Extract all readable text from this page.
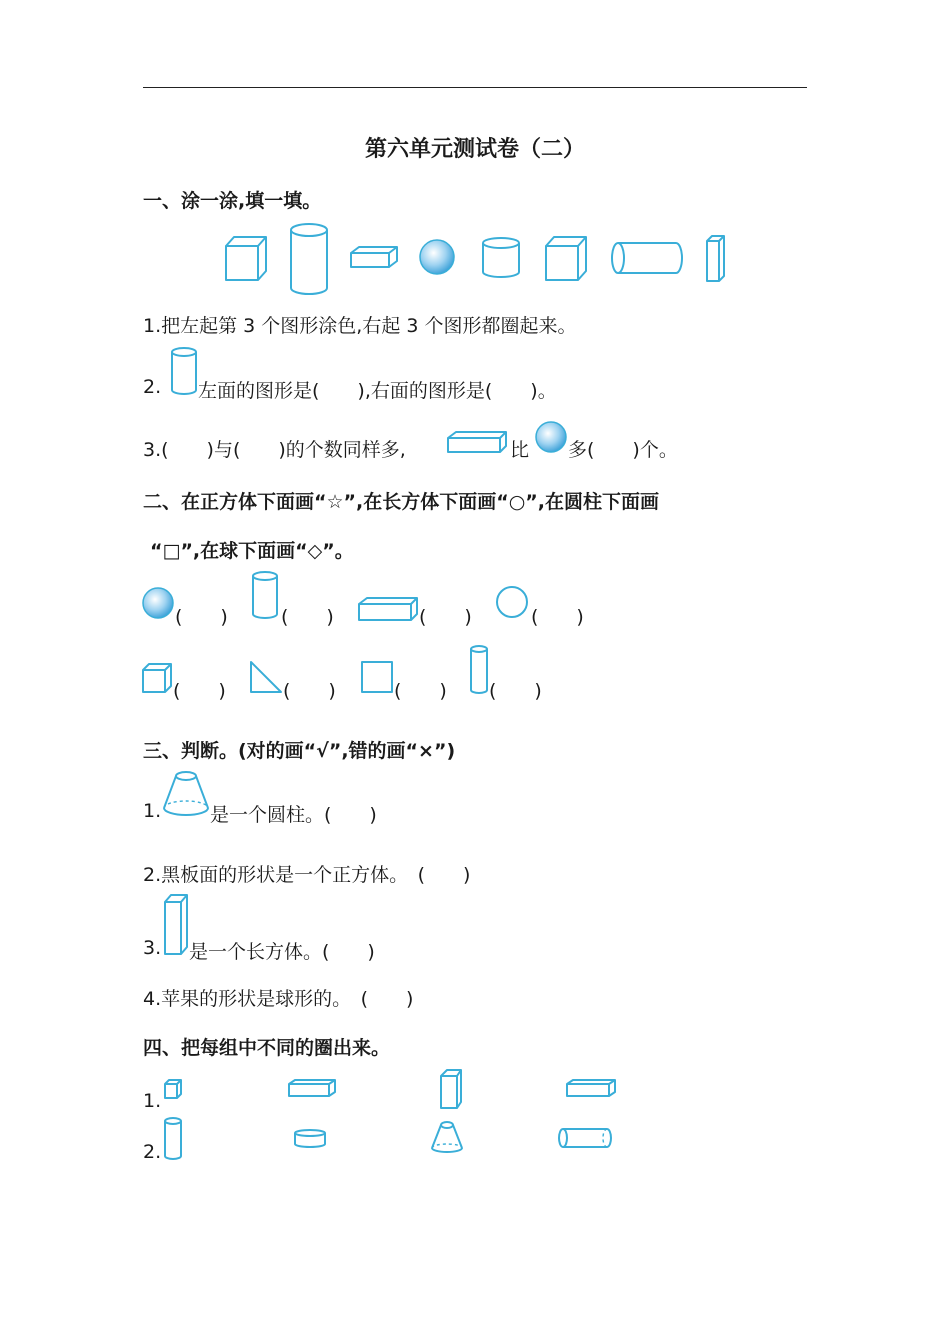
第六单元测试卷（二）
一、涂一涂,填一填。
1.把左起第 3 个图形涂色,右起 3 个图形都圈起来。
2. 左面的图形是(　　),右面的图形是(　　)。
3.(　　)与(　　)的个数同样多,	比 多(　　)个。
二、在正方体下面画“☆”,在长方体下面画“○”,在圆柱下面画
“□”,在球下面画“◇”。
(　　)	(　　)	(　　)	(　　)
(　　)	(　　)	(　　) (　　)
三、判断。(对的画“√”,错的画“×”)
1.	是一个圆柱。(　　)
2.黑板面的形状是一个正方体。　(　　)
3. 是一个长方体。(　　)
4.苹果的形状是球形的。　(　　)
四、把每组中不同的圈出来。
1.
2.
